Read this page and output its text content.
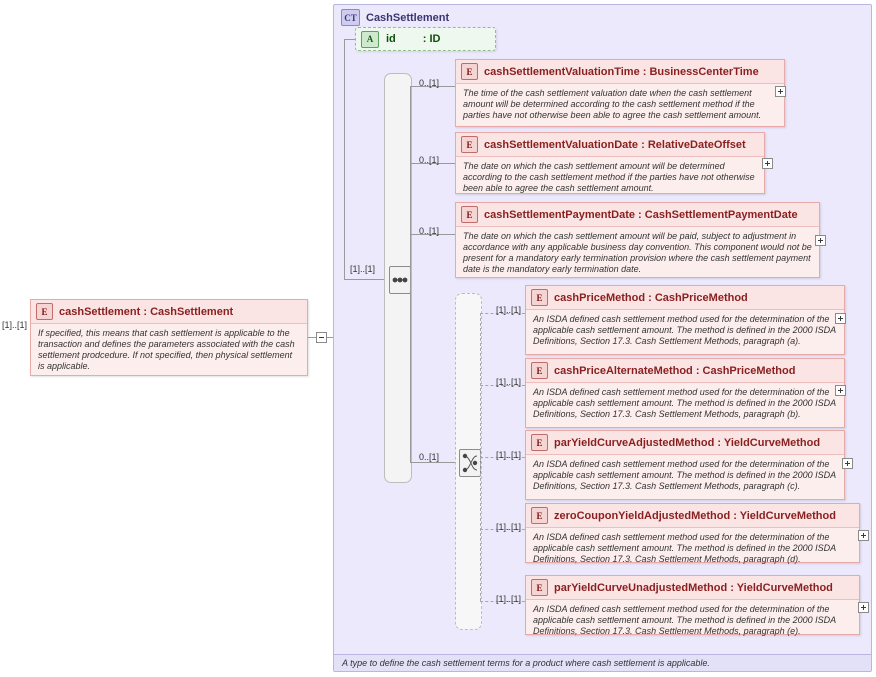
E	cashSettlement : CashSettlement
If specified, this means that cash settlement is applicable to the transaction and defines the parameters associated with the cash settlement prodcedure. If not specified, then physical settlement is applicable.
[1]..[1]
CT CashSettlement
A type to define the cash settlement terms for a product where cash settlement is applicable.
A	id : ID
[1]..[1]
0..[1]
E	cashSettlementValuationTime : BusinessCenterTime
The time of the cash settlement valuation date when the cash settlement amount will be determined according to the cash settlement method if the parties have not otherwise been able to agree the cash settlement amount.
0..[1]
E	cashSettlementValuationDate : RelativeDateOffset
The date on which the cash settlement amount will be determined according to the cash settlement method if the parties have not otherwise been able to agree the cash settlement amount.
0..[1]
E	cashSettlementPaymentDate : CashSettlementPaymentDate
The date on which the cash settlement amount will be paid, subject to adjustment in accordance with any applicable business day convention. This component would not be present for a mandatory early termination provision where the cash settlement payment date is the mandatory early termination date.
0..[1]
[1]..[1]
E	cashPriceMethod : CashPriceMethod
An ISDA defined cash settlement method used for the determination of the applicable cash settlement amount. The method is defined in the 2000 ISDA Definitions, Section 17.3. Cash Settlement Methods, paragraph (a).
[1]..[1]
E	cashPriceAlternateMethod : CashPriceMethod
An ISDA defined cash settlement method used for the determination of the applicable cash settlement amount. The method is defined in the 2000 ISDA Definitions, Section 17.3. Cash Settlement Methods, paragraph (b).
[1]..[1]
E	parYieldCurveAdjustedMethod : YieldCurveMethod
An ISDA defined cash settlement method used for the determination of the applicable cash settlement amount. The method is defined in the 2000 ISDA Definitions, Section 17.3. Cash Settlement Methods, paragraph (c).
[1]..[1]
E	zeroCouponYieldAdjustedMethod : YieldCurveMethod
An ISDA defined cash settlement method used for the determination of the applicable cash settlement amount. The method is defined in the 2000 ISDA Definitions, Section 17.3. Cash Settlement Methods, paragraph (d).
[1]..[1]
E	parYieldCurveUnadjustedMethod : YieldCurveMethod
An ISDA defined cash settlement method used for the determination of the applicable cash settlement amount. The method is defined in the 2000 ISDA Definitions, Section 17.3. Cash Settlement Methods, paragraph (e).
